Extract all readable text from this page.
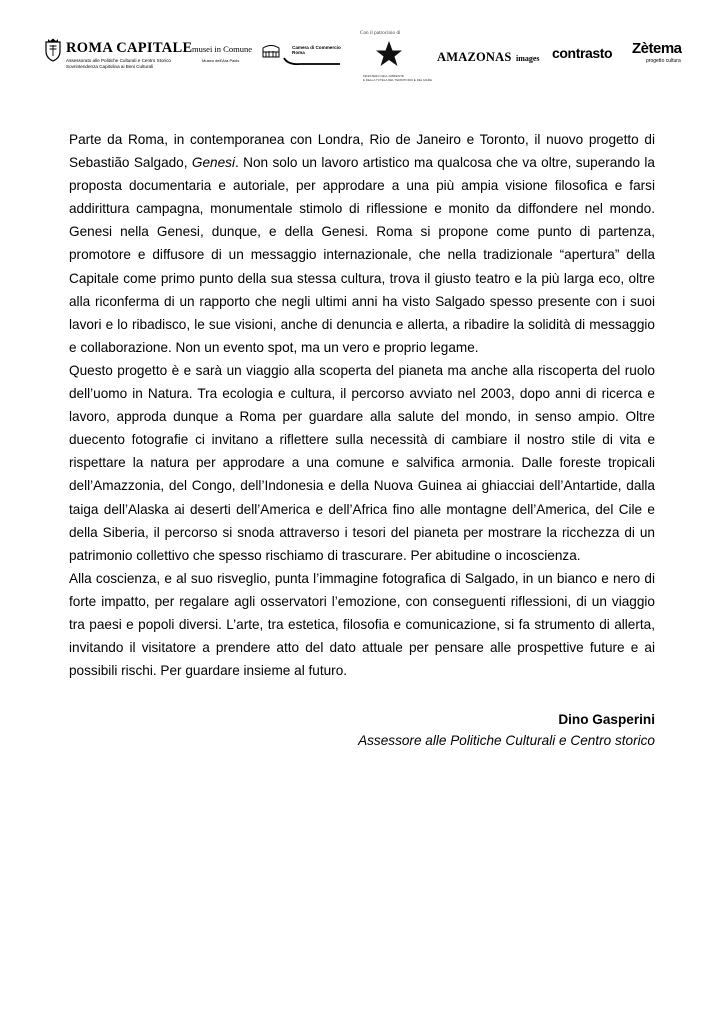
ROMA CAPITALE
Assessorato alle Politiche Culturali e Centro Storico
Sovrintendenza Capitolina ai Beni Culturali
musei in Comune
Museo dell'Ara Pacis
Camera di Commercio
Roma
Con il patrocinio di
MINISTERO DELL'AMBIENTE
E DELLA TUTELA DEL TERRITORIO E DEL MARE
AMAZONAS images contrasto Zètema
progetto cultura

Parte da Roma, in contemporanea con Londra, Rio de Janeiro e Toronto, il nuovo progetto di Sebastião Salgado, Genesi. Non solo un lavoro artistico ma qualcosa che va oltre, superando la proposta documentaria e autoriale, per approdare a una più ampia visione filosofica e farsi addirittura campagna, monumentale stimolo di riflessione e monito da diffondere nel mondo. Genesi nella Genesi, dunque, e della Genesi. Roma si propone come punto di partenza, promotore e diffusore di un messaggio internazionale, che nella tradizionale “apertura” della Capitale come primo punto della sua stessa cultura, trova il giusto teatro e la più larga eco, oltre alla riconferma di un rapporto che negli ultimi anni ha visto Salgado spesso presente con i suoi lavori e lo ribadisco, le sue visioni, anche di denuncia e allerta, a ribadire la solidità di messaggio e collaborazione. Non un evento spot, ma un vero e proprio legame.

Questo progetto è e sarà un viaggio alla scoperta del pianeta ma anche alla riscoperta del ruolo dell’uomo in Natura. Tra ecologia e cultura, il percorso avviato nel 2003, dopo anni di ricerca e lavoro, approda dunque a Roma per guardare alla salute del mondo, in senso ampio. Oltre duecento fotografie ci invitano a riflettere sulla necessità di cambiare il nostro stile di vita e rispettare la natura per approdare a una comune e salvifica armonia. Dalle foreste tropicali dell’Amazzonia, del Congo, dell’Indonesia e della Nuova Guinea ai ghiacciai dell’Antartide, dalla taiga dell’Alaska ai deserti dell’America e dell’Africa fino alle montagne dell’America, del Cile e della Siberia, il percorso si snoda attraverso i tesori del pianeta per mostrare la ricchezza di un patrimonio collettivo che spesso rischiamo di trascurare. Per abitudine o incoscienza.

Alla coscienza, e al suo risveglio, punta l’immagine fotografica di Salgado, in un bianco e nero di forte impatto, per regalare agli osservatori l’emozione, con conseguenti riflessioni, di un viaggio tra paesi e popoli diversi. L’arte, tra estetica, filosofia e comunicazione, si fa strumento di allerta, invitando il visitatore a prendere atto del dato attuale per pensare alle prospettive future e ai possibili rischi. Per guardare insieme al futuro.

Dino Gasperini
Assessore alle Politiche Culturali e Centro storico
